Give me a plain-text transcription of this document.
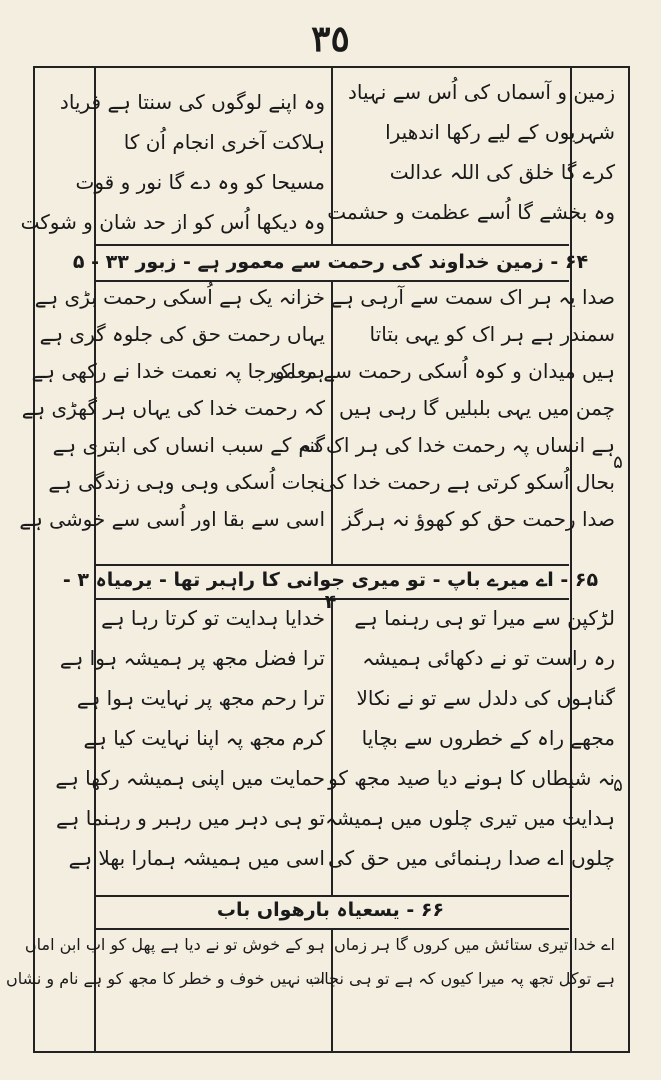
٣٥
زمین و آسماں کی اُس سے نہیاد
شہریوں کے لیے رکھا اندھیرا
کرے گا خلق کی اللہ عدالت
وہ بخشے گا اُسے عظمت و حشمت
وہ اپنے لوگوں کی سنتا ہے فریاد
ہلاکت آخری انجام اُن کا
مسیحا کو وہ دے گا نور و قوت
وہ دیکھا اُس کو از حد شان و شوکت
۶۴ - زمین خداوند کی رحمت سے معمور ہے - زبور ۳۳ - ۵
صدا یہ ہر اک سمت سے آرہی ہے
سمندر ہے ہر اک کو یہی بتاتا
ہیں میدان و کوہ اُسکی رحمت سے معمور
چمن میں یہی بلبلیں گا رہی ہیں
ہے انساں پہ رحمت خدا کی ہر اک دم
بحال اُسکو کرتی ہے رحمت خدا کی
صدا رحمت حق کو کھوؤ نہ ہرگز
خزانہ یک ہے اُسکی رحمت بڑی ہے
یہاں رحمت حق کی جلوہ گری ہے
ہر اک جا پہ نعمت خدا نے رکھی ہے
کہ رحمت خدا کی یہاں ہر گھڑی ہے
گنہ کے سبب انساں کی ابتری ہے
نجات اُسکی وہی وہی زندگی ہے
اسی سے بقا اور اُسی سے خوشی ہے
۵
۶۵ - اے میرے باپ - تو میری جوانی کا راہبر تھا - یرمیاہ ۳ - ۴
لڑکپن سے میرا تو ہی رہنما ہے
رہ راست تو نے دکھائی ہمیشہ
گناہوں کی دلدل سے تو نے نکالا
مجھے راہ کے خطروں سے بچایا
نہ شیطاں کا ہونے دیا صید مجھ کو
ہدایت میں تیری چلوں میں ہمیشہ
چلوں اے صدا رہنمائی میں حق کی
خدایا ہدایت تو کرتا رہا ہے
ترا فضل مجھ پر ہمیشہ ہوا ہے
ترا رحم مجھ پر نہایت ہوا ہے
کرم مجھ پہ اپنا نہایت کیا ہے
حمایت میں اپنی ہمیشہ رکھا ہے
تو ہی دہر میں رہبر و رہنما ہے
اسی میں ہمیشہ ہمارا بھلا ہے
۵
۶۶ - یسعیاہ بارھواں باب
اے خدا تیری ستائش میں کروں گا ہر زماں
ہے توکل تجھ پہ میرا کیوں کہ ہے تو ہی نجات
ہو کے خوش تو نے دیا ہے پھل کو اب ابن اماں
اب نہیں خوف و خطر کا مجھ کو ہے نام و نشاں
